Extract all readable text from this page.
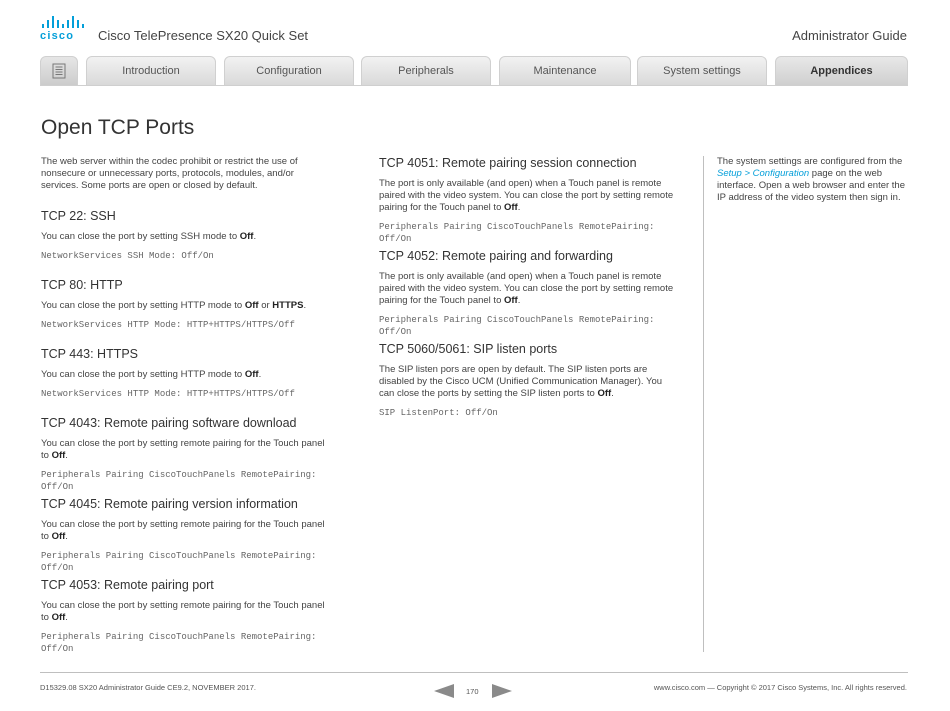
cisco	Cisco TelePresence SX20 Quick Set	Administrator Guide
Introduction	Configuration	Peripherals	Maintenance	System settings	Appendices
Open TCP Ports

The web server within the codec prohibit or restrict the use of nonsecure or unnecessary ports, protocols, modules, and/or services. Some ports are open or closed by default.

TCP 22: SSH

You can close the port by setting SSH mode to Off.

NetworkServices SSH Mode: Off/On
TCP 80: HTTP

You can close the port by setting HTTP mode to Off or HTTPS.

NetworkServices HTTP Mode: HTTP+HTTPS/HTTPS/Off
TCP 443: HTTPS

You can close the port by setting HTTP mode to Off.

NetworkServices HTTP Mode: HTTP+HTTPS/HTTPS/Off
TCP 4043: Remote pairing software download

You can close the port by setting remote pairing for the Touch panel to Off.

Peripherals Pairing CiscoTouchPanels RemotePairing: Off/On
TCP 4045: Remote pairing version information

You can close the port by setting remote pairing for the Touch panel to Off.

Peripherals Pairing CiscoTouchPanels RemotePairing: Off/On
TCP 4053: Remote pairing port

You can close the port by setting remote pairing for the Touch panel to Off.

Peripherals Pairing CiscoTouchPanels RemotePairing: Off/On
TCP 4051: Remote pairing session connection

The port is only available (and open) when a Touch panel is remote paired with the video system. You can close the port by setting remote pairing for the Touch panel to Off.

Peripherals Pairing CiscoTouchPanels RemotePairing: Off/On
TCP 4052: Remote pairing and forwarding

The port is only available (and open) when a Touch panel is remote paired with the video system. You can close the port by setting remote pairing for the Touch panel to Off.

Peripherals Pairing CiscoTouchPanels RemotePairing: Off/On
TCP 5060/5061: SIP listen ports

The SIP listen pors are open by default. The SIP listen ports are disabled by the Cisco UCM (Unified Communication Manager). You can close the ports by setting the SIP listen ports to Off.

SIP ListenPort: Off/On

The system settings are configured from the Setup > Configuration page on the web interface. Open a web browser and enter the IP address of the video system then sign in.

D15329.08 SX20 Administrator Guide CE9.2, NOVEMBER 2017.	170	www.cisco.com — Copyright © 2017 Cisco Systems, Inc. All rights reserved.
